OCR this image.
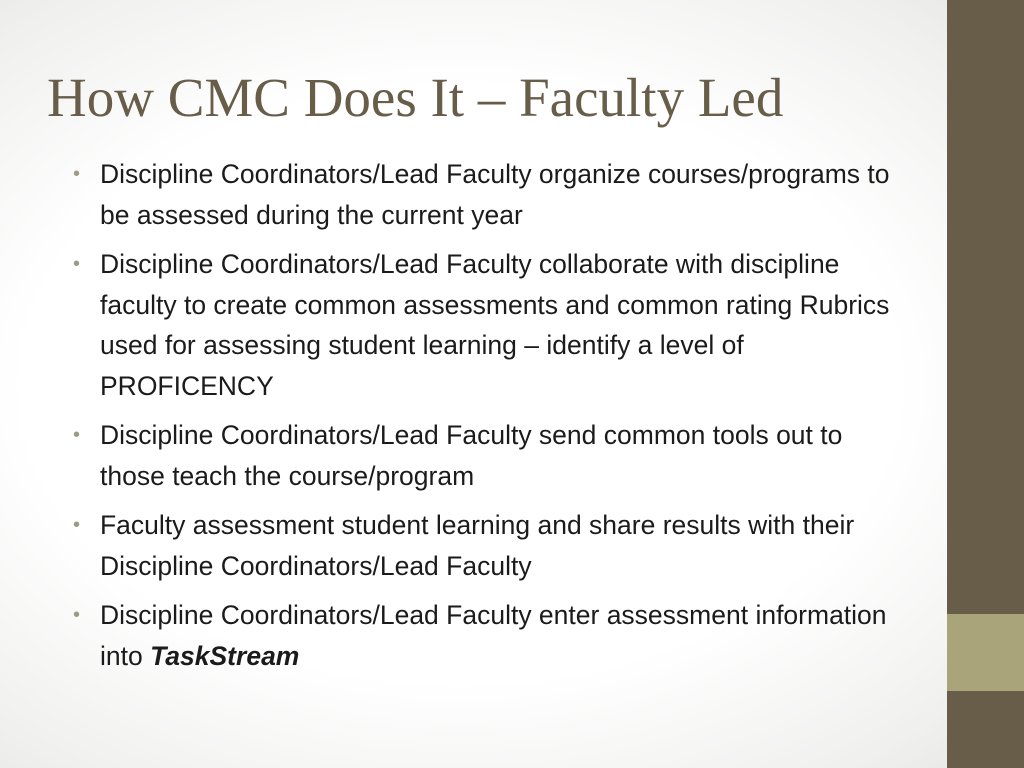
How CMC Does It – Faculty Led
• Discipline Coordinators/Lead Faculty organize courses/programs to be assessed during the current year
• Discipline Coordinators/Lead Faculty collaborate with discipline faculty to create common assessments and common rating Rubrics used for assessing student learning – identify a level of PROFICENCY
• Discipline Coordinators/Lead Faculty send common tools out to those teach the course/program
• Faculty assessment student learning and share results with their Discipline Coordinators/Lead Faculty
• Discipline Coordinators/Lead Faculty enter assessment information into TaskStream
